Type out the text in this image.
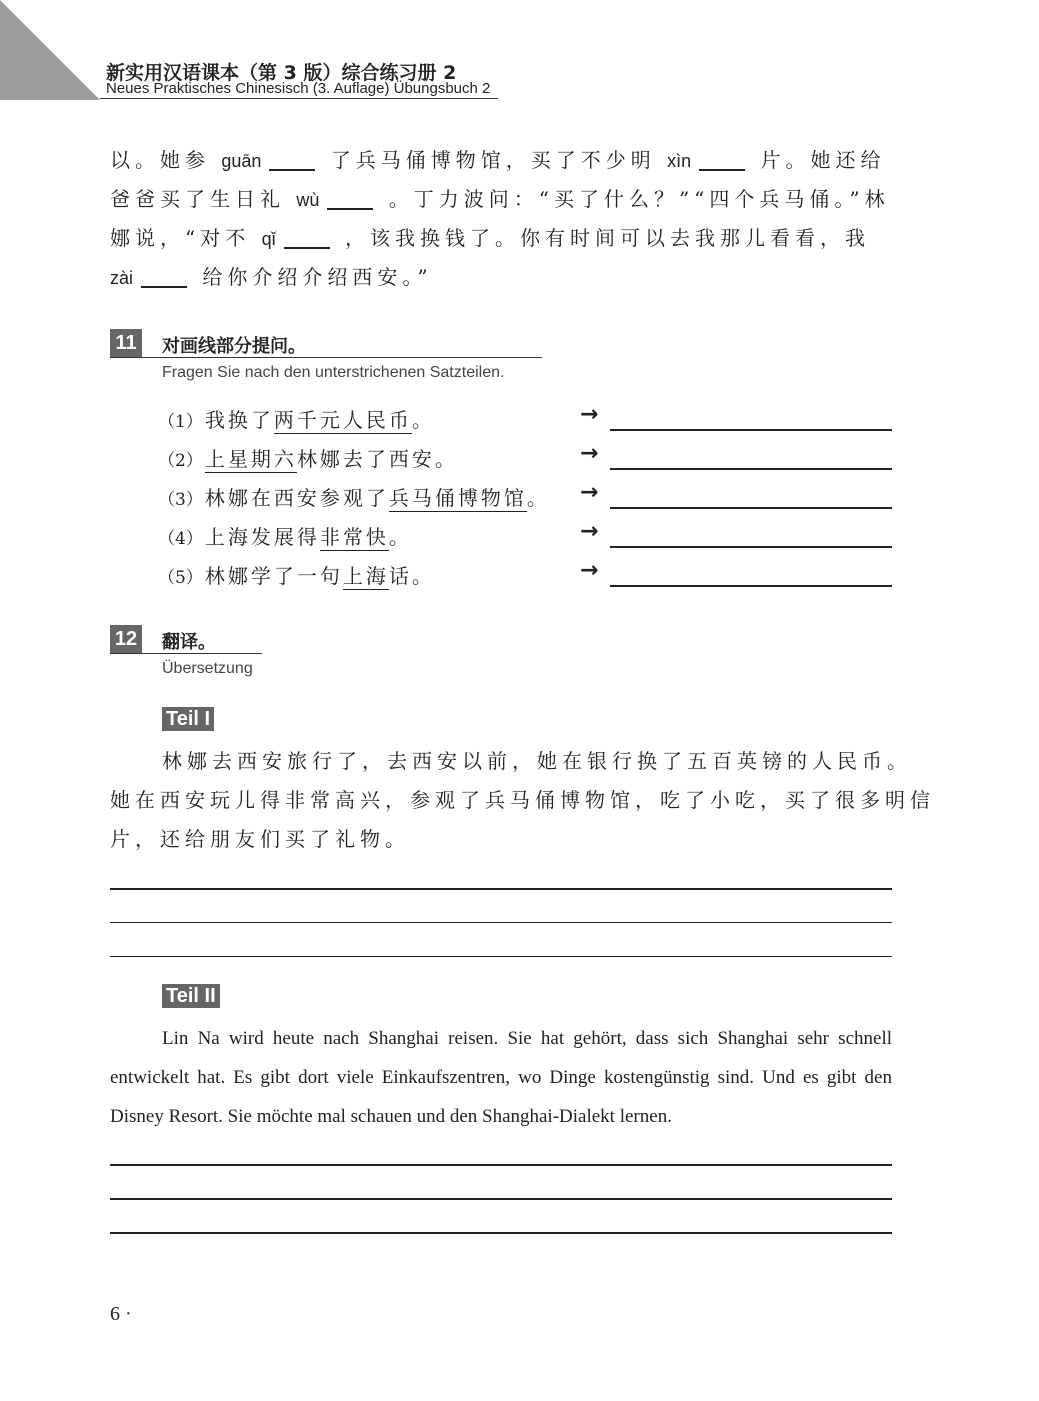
新实用汉语课本（第 3 版）综合练习册 2
Neues Praktisches Chinesisch (3. Auflage) Übungsbuch 2
以。她参 guān	了兵马俑博物馆，买了不少明 xìn	片。她还给
爸爸买了生日礼 wù	。丁力波问：“买了什么？”“四个兵马俑。”林
娜说，“对不 qǐ	，该我换钱了。你有时间可以去我那儿看看，我
zài	给你介绍介绍西安。”
11	对画线部分提问。
Fragen Sie nach den unterstrichenen Satzteilen.
（1） 我换了两千元人民币。	→
（2） 上星期六林娜去了西安。	→
（3） 林娜在西安参观了兵马俑博物馆。 →
（4） 上海发展得非常快。	→
（5） 林娜学了一句上海话。	→
12 翻译。
Übersetzung
Teil I
林娜去西安旅行了，去西安以前，她在银行换了五百英镑的人民币。
她在西安玩儿得非常高兴，参观了兵马俑博物馆，吃了小吃，买了很多明信
片，还给朋友们买了礼物。
Teil II
Lin Na wird heute nach Shanghai reisen. Sie hat gehört, dass sich Shanghai sehr schnell entwickelt hat. Es gibt dort viele Einkaufszentren, wo Dinge kostengünstig sind. Und es gibt den Disney Resort. Sie möchte mal schauen und den Shanghai-Dialekt lernen.
6 ·
